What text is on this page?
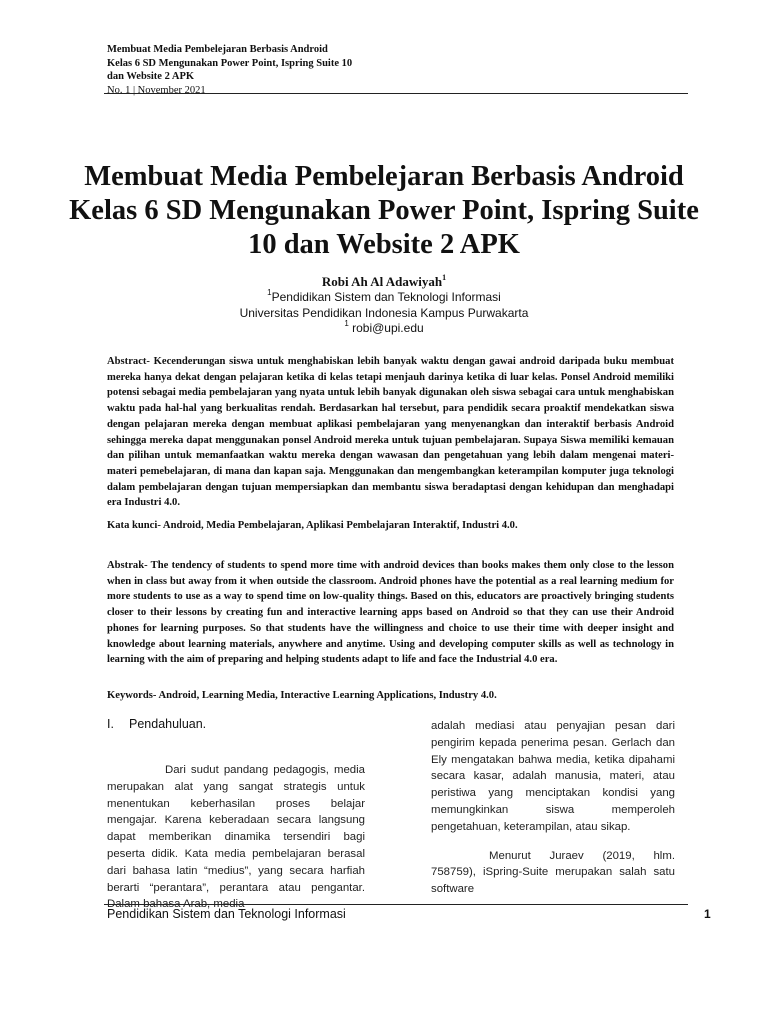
Membuat Media Pembelejaran Berbasis Android
Kelas 6 SD Mengunakan Power Point, Ispring Suite 10
dan Website 2 APK
No. 1 | November 2021
Membuat Media Pembelejaran Berbasis Android Kelas 6 SD Mengunakan Power Point, Ispring Suite 10 dan Website 2 APK
Robi Ah Al Adawiyah$^1$
$^1$Pendidikan Sistem dan Teknologi Informasi
Universitas Pendidikan Indonesia Kampus Purwakarta
$^1$ robi@upi.edu

Abstract- Kecenderungan siswa untuk menghabiskan lebih banyak waktu dengan gawai android daripada buku membuat mereka hanya dekat dengan pelajaran ketika di kelas tetapi menjauh darinya ketika di luar kelas. Ponsel Android memiliki potensi sebagai media pembelajaran yang nyata untuk lebih banyak digunakan oleh siswa sebagai cara untuk menghabiskan waktu pada hal-hal yang berkualitas rendah. Berdasarkan hal tersebut, para pendidik secara proaktif mendekatkan siswa dengan pelajaran mereka dengan membuat aplikasi pembelajaran yang menyenangkan dan interaktif berbasis Android sehingga mereka dapat menggunakan ponsel Android mereka untuk tujuan pembelajaran. Supaya Siswa memiliki kemauan dan pilihan untuk memanfaatkan waktu mereka dengan wawasan dan pengetahuan yang lebih dalam mengenai materi-materi pemebelajaran, di mana dan kapan saja. Menggunakan dan mengembangkan keterampilan komputer juga teknologi dalam pembelajaran dengan tujuan mempersiapkan dan membantu siswa beradaptasi dengan kehidupan dan menghadapi era Industri 4.0.

Kata kunci- Android, Media Pembelajaran, Aplikasi Pembelajaran Interaktif, Industri 4.0.

Abstrak- The tendency of students to spend more time with android devices than books makes them only close to the lesson when in class but away from it when outside the classroom. Android phones have the potential as a real learning medium for more students to use as a way to spend time on low-quality things. Based on this, educators are proactively bringing students closer to their lessons by creating fun and interactive learning apps based on Android so that they can use their Android phones for learning purposes. So that students have the willingness and choice to use their time with deeper insight and knowledge about learning materials, anywhere and anytime. Using and developing computer skills as well as technology in learning with the aim of preparing and helping students adapt to life and face the Industrial 4.0 era.

Keywords- Android, Learning Media, Interactive Learning Applications, Industry 4.0.

I. Pendahuluan.

Dari sudut pandang pedagogis, media merupakan alat yang sangat strategis untuk menentukan keberhasilan proses belajar mengajar. Karena keberadaan secara langsung dapat memberikan dinamika tersendiri bagi peserta didik. Kata media pembelajaran berasal dari bahasa latin “medius”, yang secara harfiah berarti “perantara”, perantara atau pengantar. Dalam bahasa Arab, media

adalah mediasi atau penyajian pesan dari pengirim kepada penerima pesan. Gerlach dan Ely mengatakan bahwa media, ketika dipahami secara kasar, adalah manusia, materi, atau peristiwa yang menciptakan kondisi yang memungkinkan siswa memperoleh pengetahuan, keterampilan, atau sikap.

Menurut Juraev (2019, hlm. 758759), iSpring-Suite merupakan salah satu software

Pendidikan Sistem dan Teknologi Informasi	1
